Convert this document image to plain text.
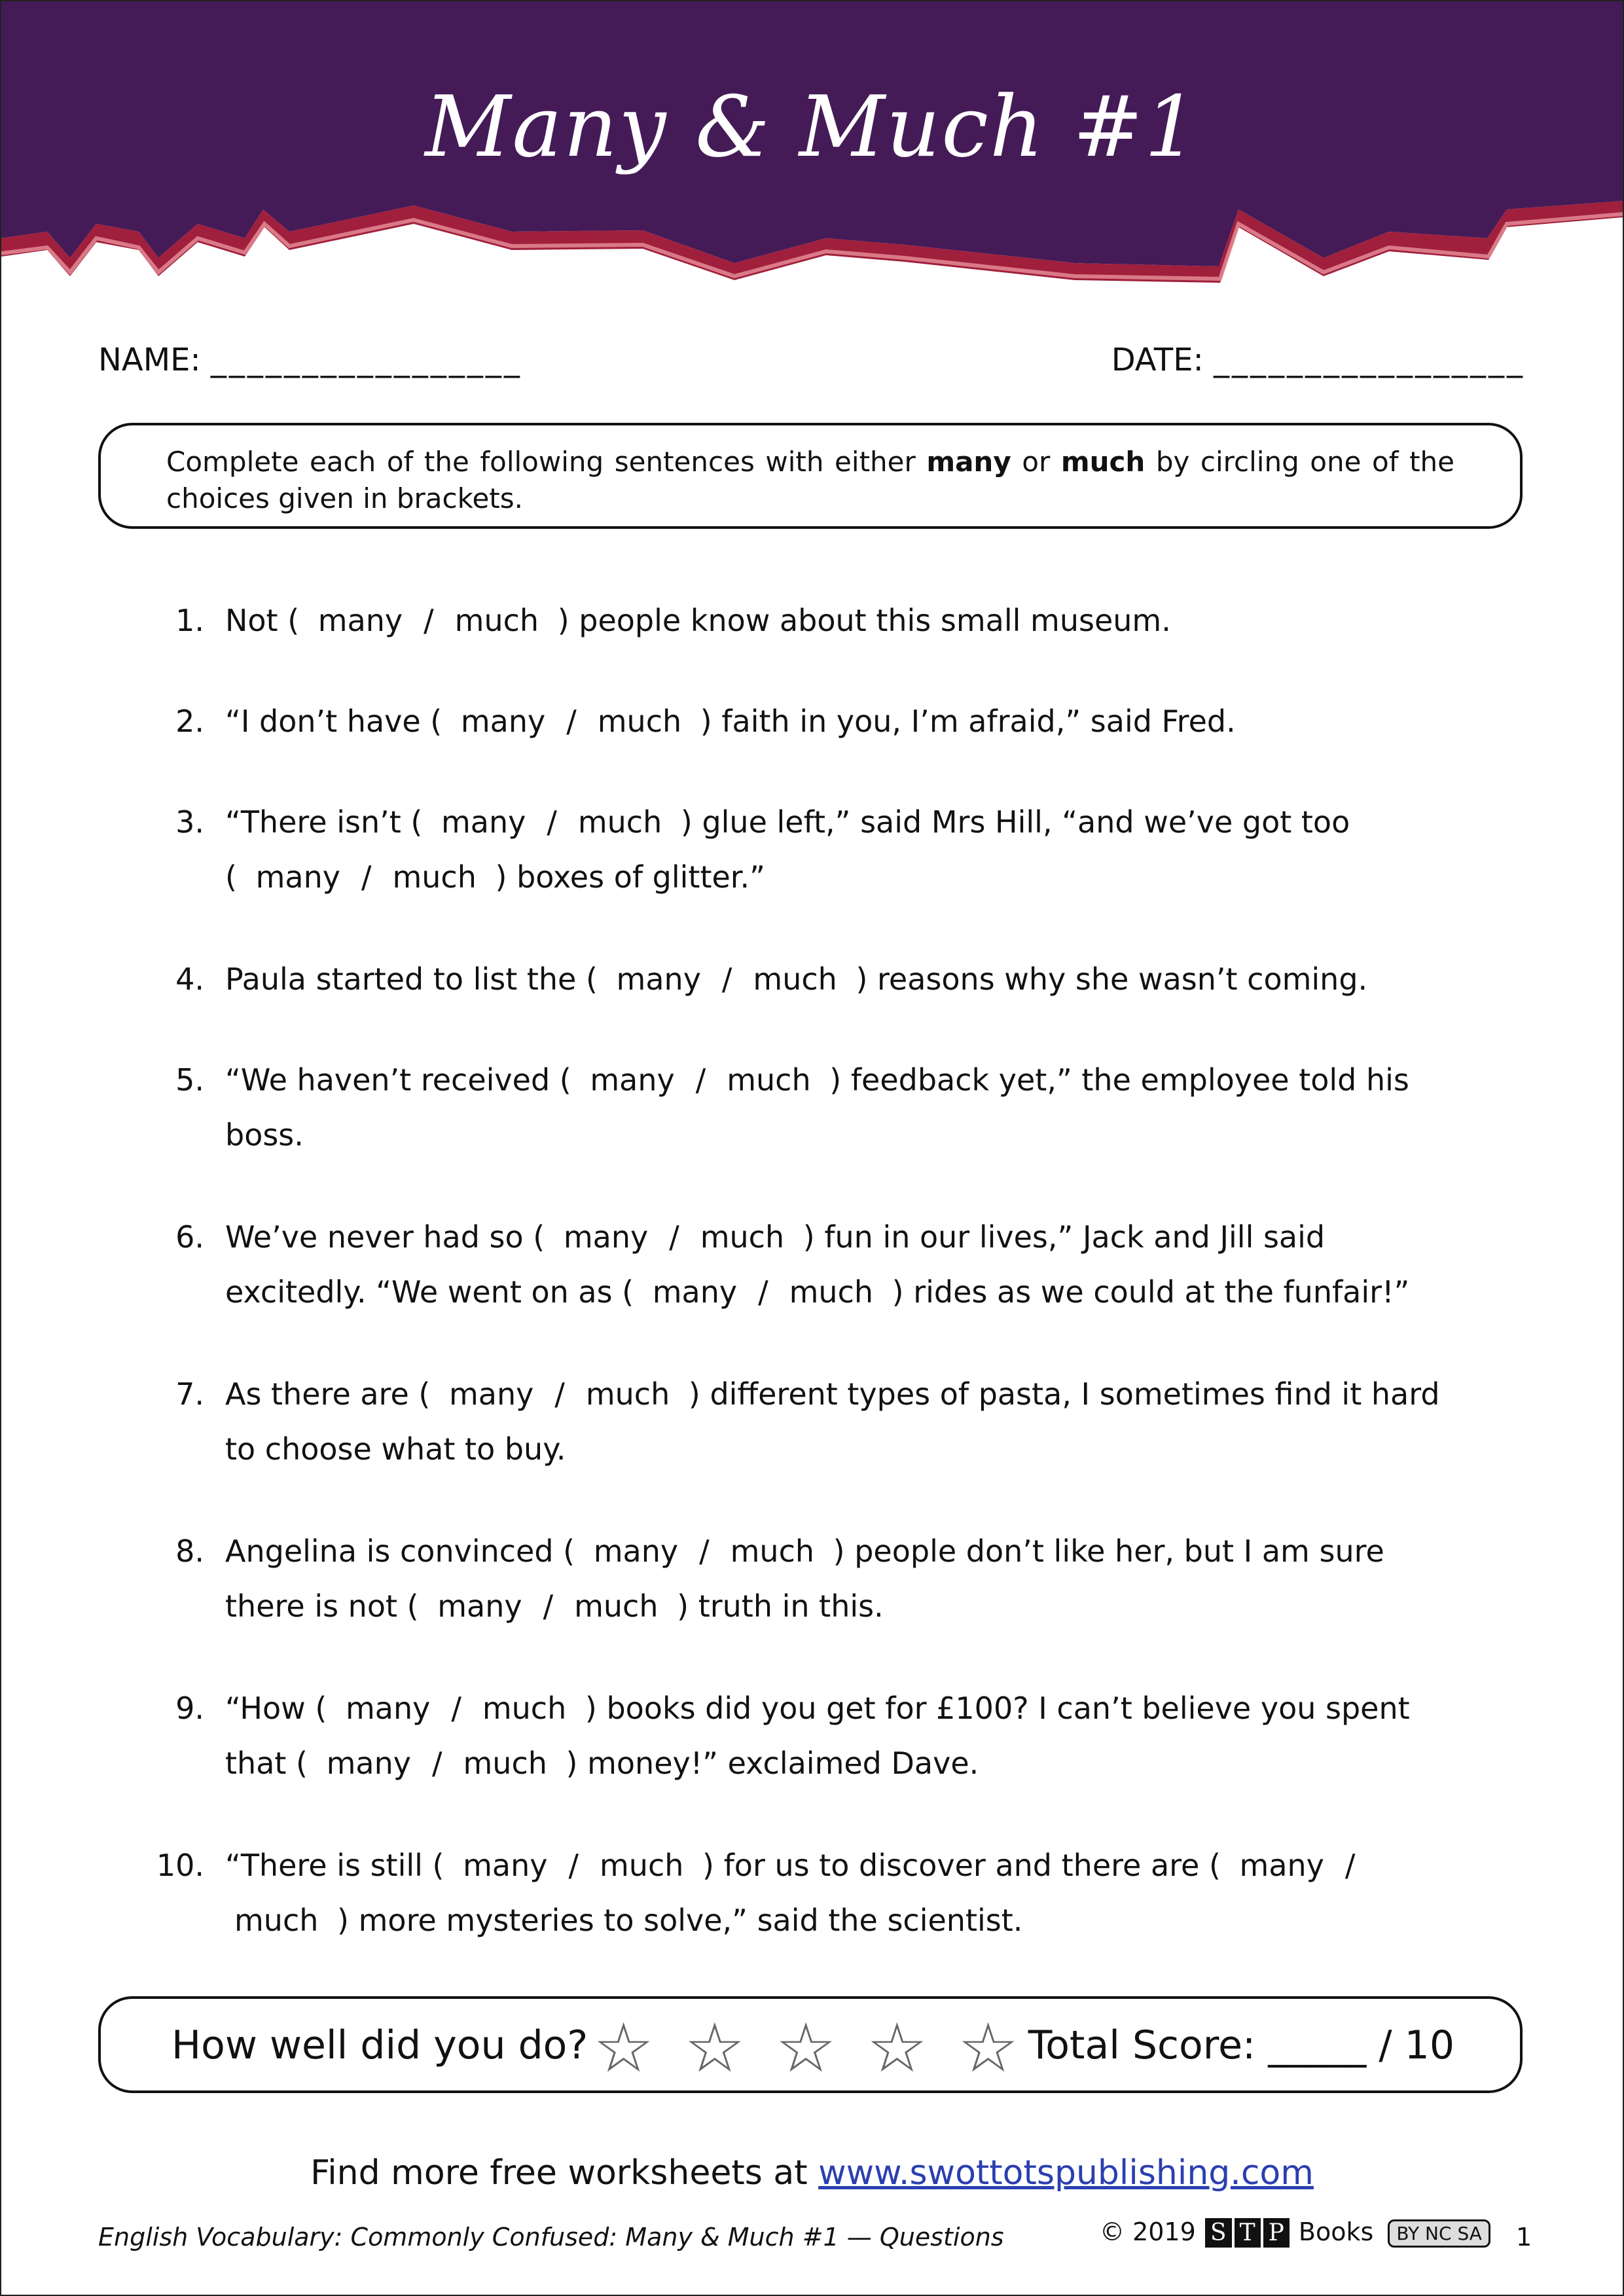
Many & Much #1
NAME: _________________	DATE: _________________
Complete each of the following sentences with either many or much by circling one of the choices given in brackets.
1. Not ( many / much ) people know about this small museum.
2. “I don’t have ( many / much ) faith in you, I’m afraid,” said Fred.
3. “There isn’t ( many / much ) glue left,” said Mrs Hill, “and we’ve got too
( many / much ) boxes of glitter.”
4. Paula started to list the ( many / much ) reasons why she wasn’t coming.
5. “We haven’t received ( many / much ) feedback yet,” the employee told his
boss.
6. We’ve never had so ( many / much ) fun in our lives,” Jack and Jill said
excitedly. “We went on as ( many / much ) rides as we could at the funfair!”
7. As there are ( many / much ) different types of pasta, I sometimes find it hard
to choose what to buy.
8. Angelina is convinced ( many / much ) people don’t like her, but I am sure
there is not ( many / much ) truth in this.
9. “How ( many / much ) books did you get for £100? I can’t believe you spent
that ( many / much ) money!” exclaimed Dave.
10. “There is still ( many / much ) for us to discover and there are ( many /
much ) more mysteries to solve,” said the scientist.
How well did you do? ☆☆☆☆☆
Total Score: _____ / 10
Find more free worksheets at www.swottotspublishing.com
English Vocabulary: Commonly Confused: Many & Much #1 — Questions	© 2019 S T P Books BY NC SA	1
